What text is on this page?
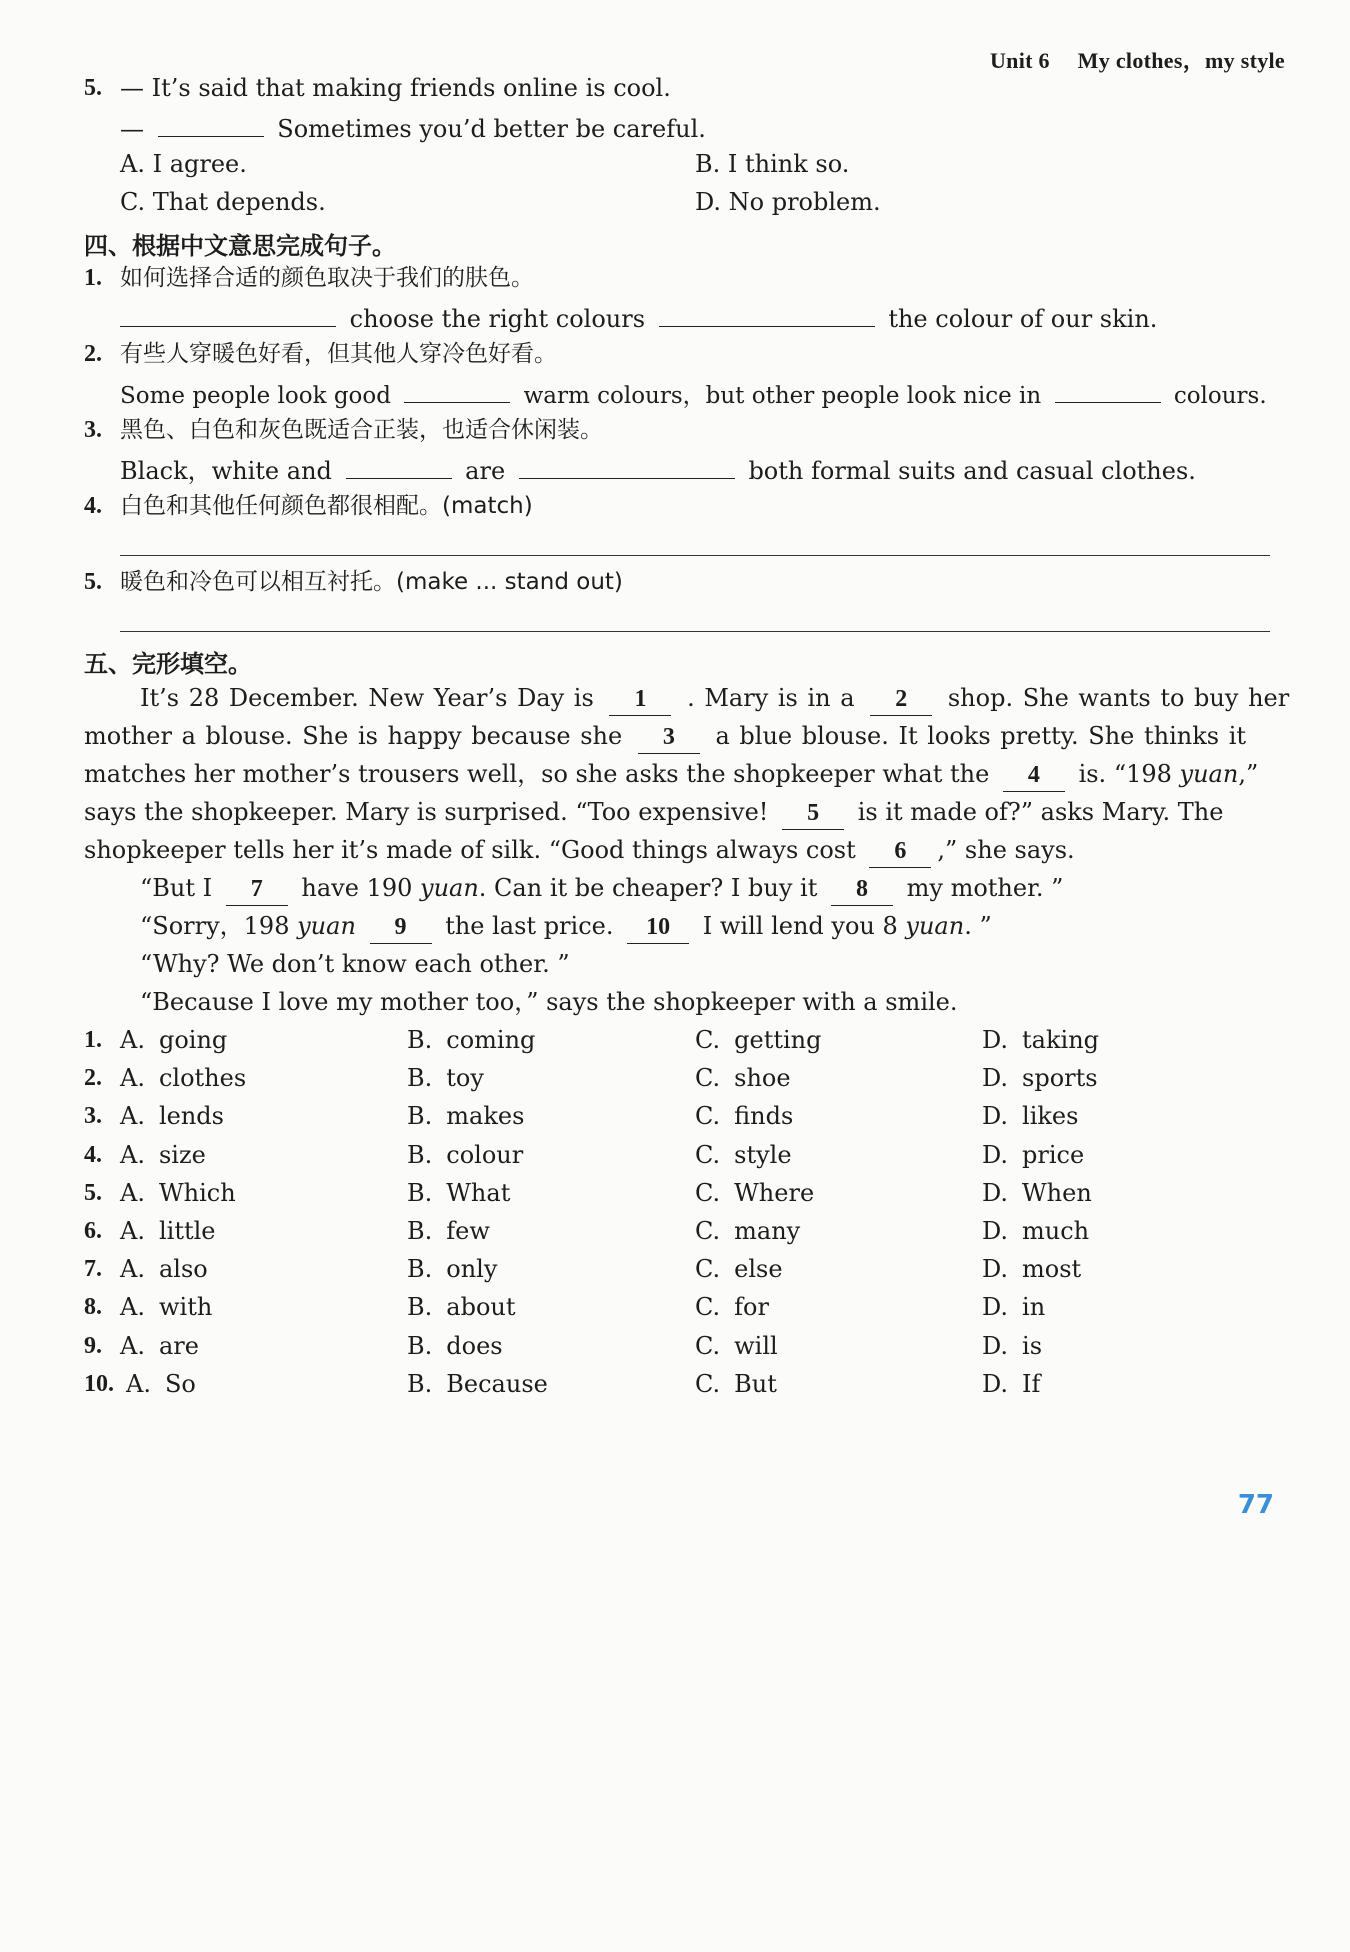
Unit 6 My clothes，my style
5. — It’s said that making friends online is cool.
—	Sometimes you’d better be careful.
A. I agree.	B. I think so.
C. That depends.	D. No problem.
四、根据中文意思完成句子。
1. 如何选择合适的颜色取决于我们的肤色。
choose the right colours	the colour of our skin.
2. 有些人穿暖色好看，但其他人穿冷色好看。
Some people look good	warm colours，but other people look nice in	colours.
3. 黑色、白色和灰色既适合正装，也适合休闲装。
Black，white and	are	both formal suits and casual clothes.
4. 白色和其他任何颜色都很相配。(match)
5. 暖色和冷色可以相互衬托。(make ... stand out)
五、完形填空。
It’s 28 December. New Year’s Day is 1 . Mary is in a 2 shop. She wants to buy her
mother a blouse. She is happy because she 3 a blue blouse. It looks pretty. She thinks it
matches her mother’s trousers well，so she asks the shopkeeper what the 4 is. “198 yuan,”
says the shopkeeper. Mary is surprised. “Too expensive! 5 is it made of?” asks Mary. The
shopkeeper tells her it’s made of silk. “Good things always cost 6 ,” she says.
“But I 7 have 190 yuan. Can it be cheaper? I buy it 8 my mother. ”
“Sorry，198 yuan 9 the last price. 10 I will lend you 8 yuan. ”
“Why? We don’t know each other. ”
“Because I love my mother too，” says the shopkeeper with a smile.
1. A. going	B. coming	C. getting	D. taking
2. A. clothes	B. toy	C. shoe	D. sports
3. A. lends	B. makes	C. finds	D. likes
4. A. size	B. colour	C. style	D. price
5. A. Which	B. What	C. Where	D. When
6. A. little	B. few	C. many	D. much
7. A. also	B. only	C. else	D. most
8. A. with	B. about	C. for	D. in
9. A. are	B. does	C. will	D. is
10. A. So	B. Because	C. But	D. If
77
